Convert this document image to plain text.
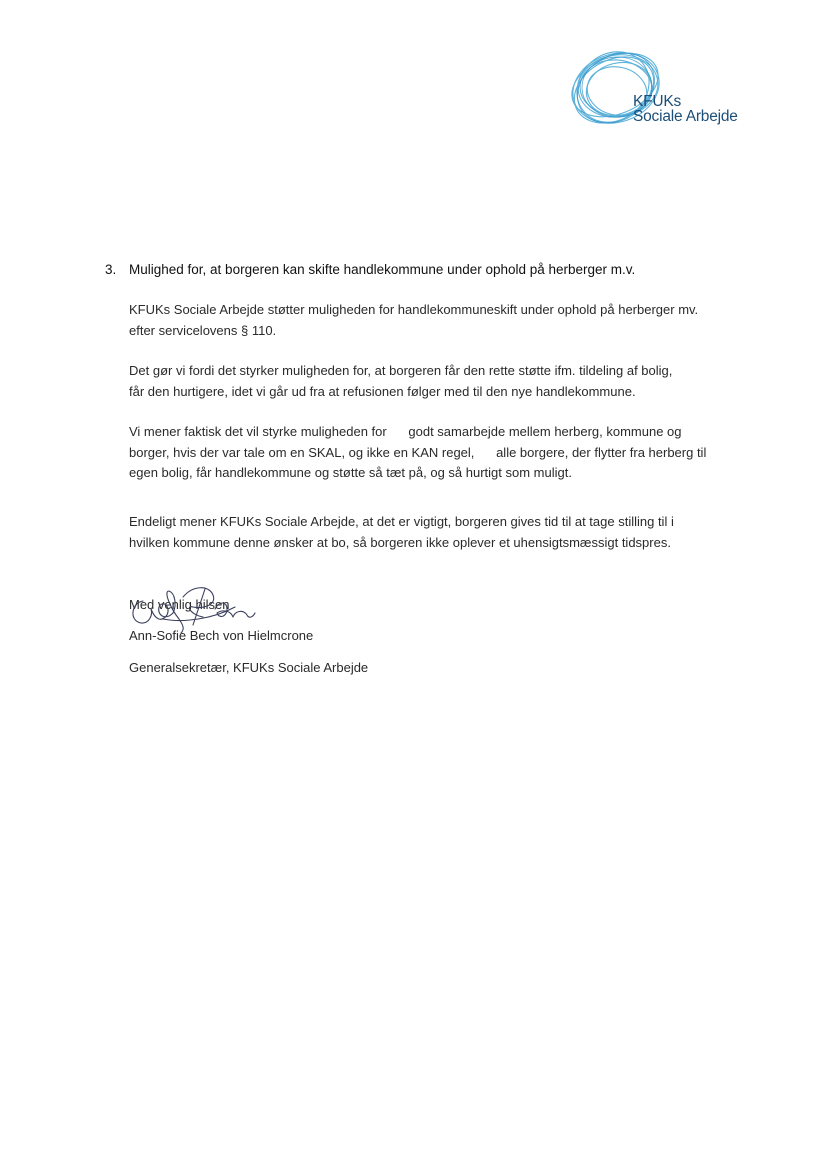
KFUKs
Sociale Arbejde
3. Mulighed for, at borgeren kan skifte handlekommune under ophold på herberger m.v.
KFUKs Sociale Arbejde støtter muligheden for handlekommuneskift under ophold på herberger mv.
efter servicelovens § 110.
Det gør vi fordi det styrker muligheden for, at borgeren får den rette støtte ifm. tildeling af bolig,
får den hurtigere, idet vi går ud fra at refusionen følger med til den nye handlekommune.
Vi mener faktisk det vil styrke muligheden for      godt samarbejde mellem herberg, kommune og
borger, hvis der var tale om en SKAL, og ikke en KAN regel,      alle borgere, der flytter fra herberg til
egen bolig, får handlekommune og støtte så tæt på, og så hurtigt som muligt.
Endeligt mener KFUKs Sociale Arbejde, at det er vigtigt, borgeren gives tid til at tage stilling til i
hvilken kommune denne ønsker at bo, så borgeren ikke oplever et uhensigtsmæssigt tidspres.
Med venlig hilsen
Ann-Sofie Bech von Hielmcrone
Generalsekretær, KFUKs Sociale Arbejde
